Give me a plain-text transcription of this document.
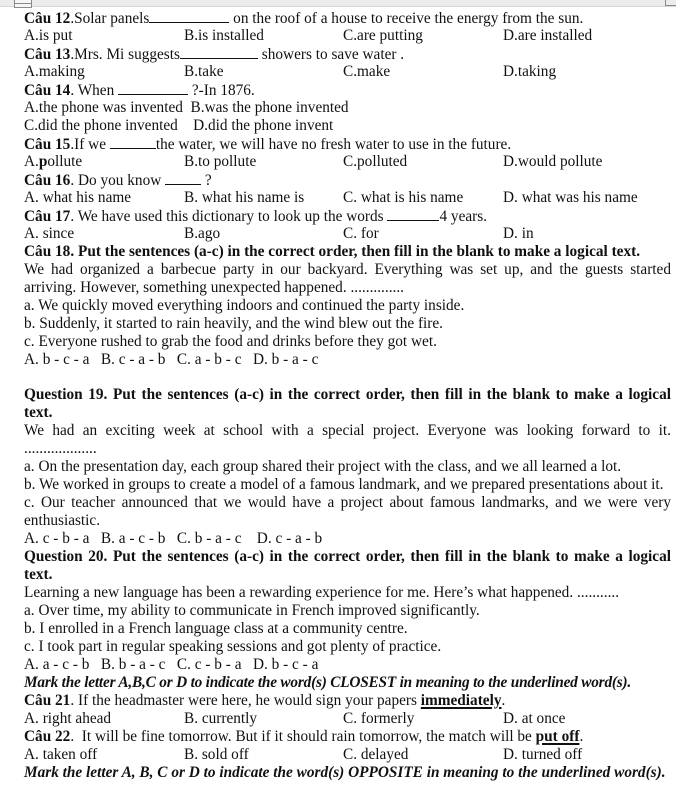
Câu 12.Solar panels	on the roof of a house to receive the energy from the sun.
A.is put	B.is installed	C.are putting	D.are installed
Câu 13.Mrs. Mi suggests	showers to save water .
A.making	B.take	C.make	D.taking
Câu 14. When	?-In 1876.
A.the phone was invented B.was the phone invented
C.did the phone invented D.did the phone invent
Câu 15.If we	the water, we will have no fresh water to use in the future.
A.pollute	B.to pollute	C.polluted	D.would pollute
Câu 16. Do you know  ?
A. what his name	B. what his name is	C. what is his name	D. what was his name
Câu 17. We have used this dictionary to look up the words	4 years.
A. since	B.ago	C. for	D. in
Câu 18. Put the sentences (a-c) in the correct order, then fill in the blank to make a logical text.
We had organized a barbecue party in our backyard. Everything was set up, and the guests started arriving. However, something unexpected happened. ..............
a. We quickly moved everything indoors and continued the party inside.
b. Suddenly, it started to rain heavily, and the wind blew out the fire.
c. Everyone rushed to grab the food and drinks before they got wet.
A. b - c - a   B. c - a - b   C. a - b - c   D. b - a - c
Question 19. Put the sentences (a-c) in the correct order, then fill in the blank to make a logical text.
We had an exciting week at school with a special project. Everyone was looking forward to it. ...................
a. On the presentation day, each group shared their project with the class, and we all learned a lot.
b. We worked in groups to create a model of a famous landmark, and we prepared presentations about it.
c. Our teacher announced that we would have a project about famous landmarks, and we were very enthusiastic.
A. c - b - a   B. a - c - b   C. b - a - c    D. c - a - b
Question 20. Put the sentences (a-c) in the correct order, then fill in the blank to make a logical text.
Learning a new language has been a rewarding experience for me. Here’s what happened. ...........
a. Over time, my ability to communicate in French improved significantly.
b. I enrolled in a French language class at a community centre.
c. I took part in regular speaking sessions and got plenty of practice.
A. a - c - b   B. b - a - c   C. c - b - a   D. b - c - a
Mark the letter A,B,C or D to indicate the word(s) CLOSEST in meaning to the underlined word(s).
Câu 21. If the headmaster were here, he would sign your papers immediately.
A. right ahead	B. currently	C. formerly	D. at once
Câu 22.  It will be fine tomorrow. But if it should rain tomorrow, the match will be put off.
A. taken off	B. sold off	C. delayed	D. turned off
Mark the letter A, B, C or D to indicate the word(s) OPPOSITE in meaning to the underlined word(s).
